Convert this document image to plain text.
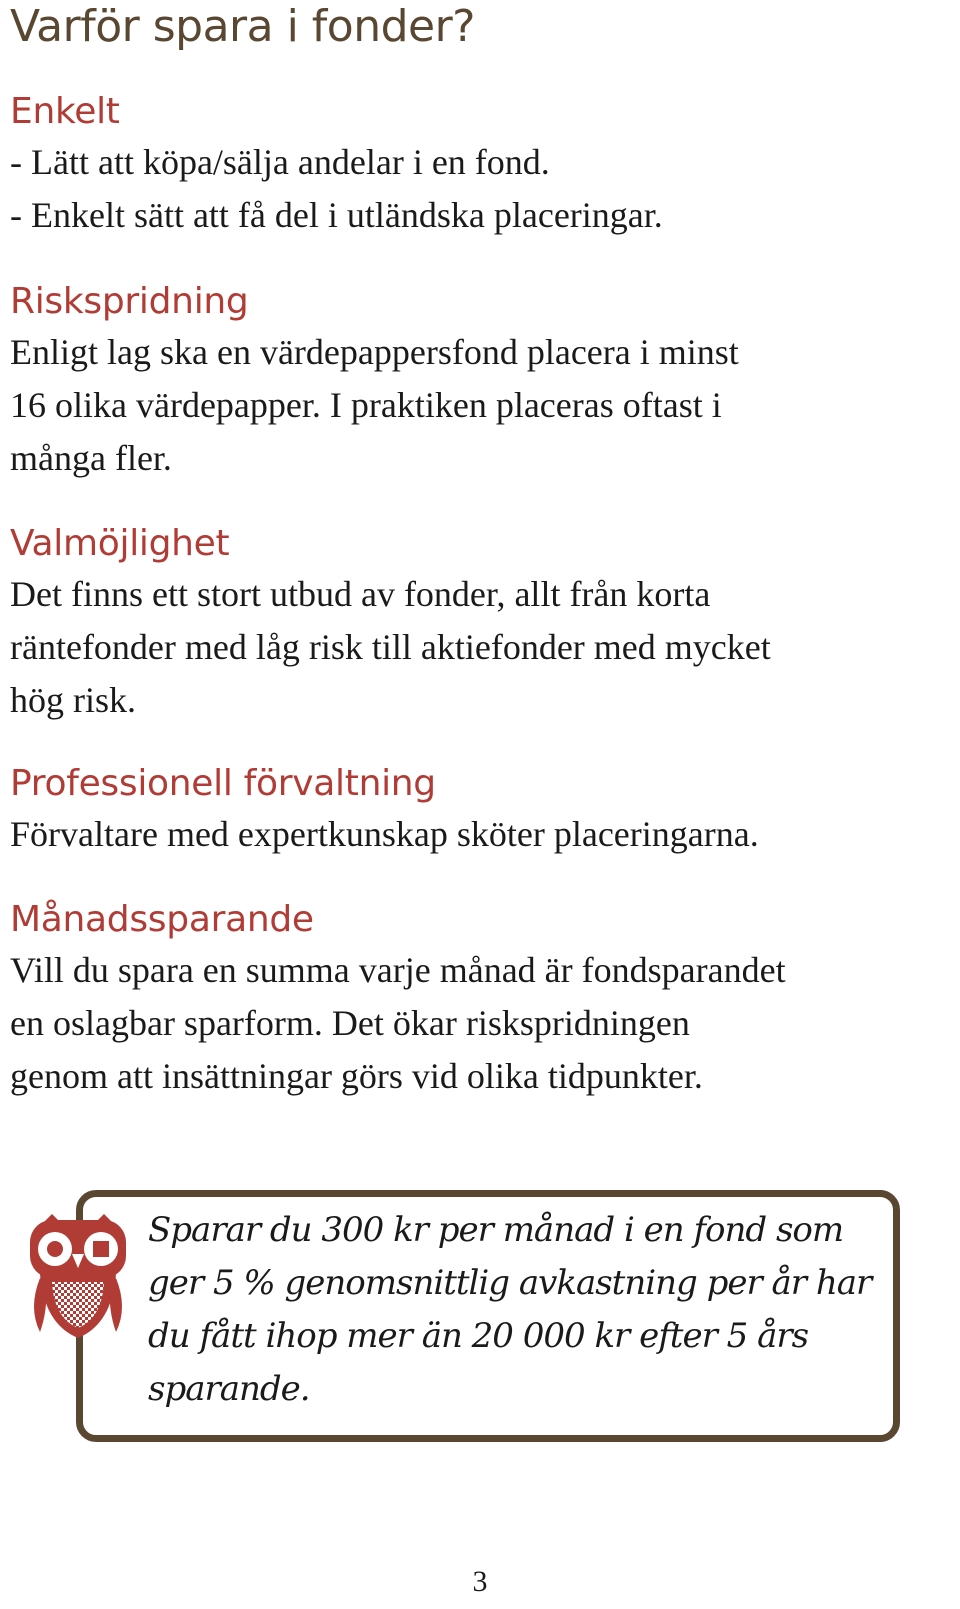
Varför spara i fonder?
Enkelt

- Lätt att köpa/sälja andelar i en fond.

- Enkelt sätt att få del i utländska placeringar.

Riskspridning

Enligt lag ska en värdepappersfond placera i minst

16 olika värdepapper. I praktiken placeras oftast i

många fler.

Valmöjlighet

Det finns ett stort utbud av fonder, allt från korta

räntefonder med låg risk till aktiefonder med mycket

hög risk.

Professionell förvaltning

Förvaltare med expertkunskap sköter placeringarna.

Månadssparande

Vill du spara en summa varje månad är fondsparandet

en oslagbar sparform. Det ökar riskspridningen

genom att insättningar görs vid olika tidpunkter.

Sparar du 300 kr per månad i en fond som
ger 5 % genomsnittlig avkastning per år har
du fått ihop mer än 20 000 kr efter 5 års
sparande.
3
